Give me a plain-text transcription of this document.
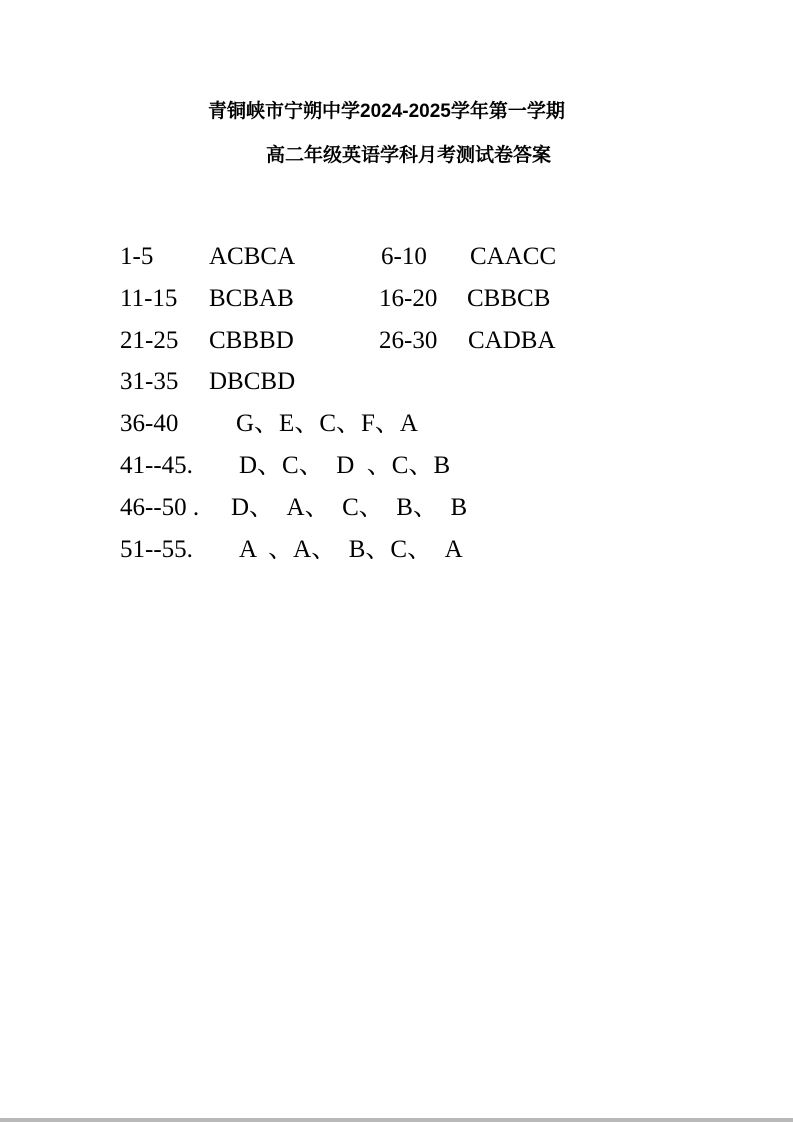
青铜峡市宁朔中学2024-2025学年第一学期
高二年级英语学科月考测试卷答案
1-5 ACBCA	6-10 CAACC
11-15 BCBAB	16-20 CBBCB
21-25 CBBBD	26-30 CADBA
31-35 DBCBD
36-40 G、E、C、F、A
41--45. D、C、  D  、C、B
46--50 . D、  A、  C、  B、  B
51--55. A  、A、  B、C、  A
